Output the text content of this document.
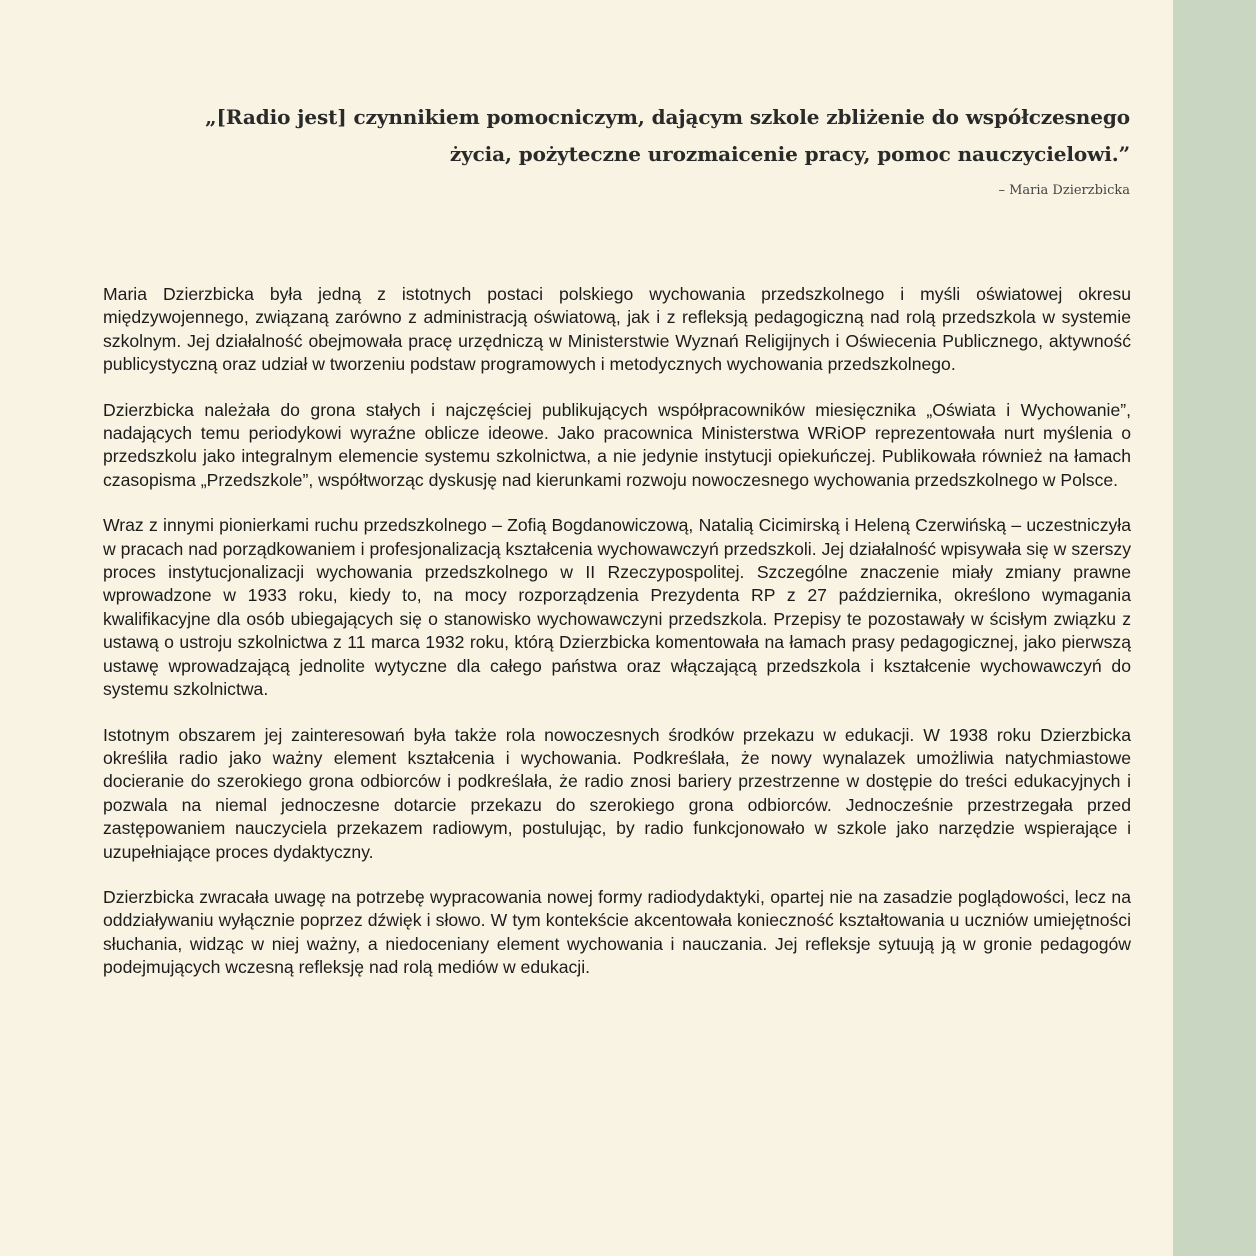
„[Radio jest] czynnikiem pomocniczym, dającym szkole zbliżenie do współczesnego życia, pożyteczne urozmaicenie pracy, pomoc nauczycielowi.”

– Maria Dzierzbicka

Maria Dzierzbicka była jedną z istotnych postaci polskiego wychowania przedszkolnego i myśli oświatowej okresu międzywojennego, związaną zarówno z administracją oświatową, jak i z refleksją pedagogiczną nad rolą przedszkola w systemie szkolnym. Jej działalność obejmowała pracę urzędniczą w Ministerstwie Wyznań Religijnych i Oświecenia Publicznego, aktywność publicystyczną oraz udział w tworzeniu podstaw programowych i metodycznych wychowania przedszkolnego.

Dzierzbicka należała do grona stałych i najczęściej publikujących współpracowników miesięcznika „Oświata i Wychowanie”, nadających temu periodykowi wyraźne oblicze ideowe. Jako pracownica Ministerstwa WRiOP reprezentowała nurt myślenia o przedszkolu jako integralnym elemencie systemu szkolnictwa, a nie jedynie instytucji opiekuńczej. Publikowała również na łamach czasopisma „Przedszkole”, współtworząc dyskusję nad kierunkami rozwoju nowoczesnego wychowania przedszkolnego w Polsce.

Wraz z innymi pionierkami ruchu przedszkolnego – Zofią Bogdanowiczową, Natalią Cicimirską i Heleną Czerwińską – uczestniczyła w pracach nad porządkowaniem i profesjonalizacją kształcenia wychowawczyń przedszkoli. Jej działalność wpisywała się w szerszy proces instytucjonalizacji wychowania przedszkolnego w II Rzeczypospolitej. Szczególne znaczenie miały zmiany prawne wprowadzone w 1933 roku, kiedy to, na mocy rozporządzenia Prezydenta RP z 27 października, określono wymagania kwalifikacyjne dla osób ubiegających się o stanowisko wychowawczyni przedszkola. Przepisy te pozostawały w ścisłym związku z ustawą o ustroju szkolnictwa z 11 marca 1932 roku, którą Dzierzbicka komentowała na łamach prasy pedagogicznej, jako pierwszą ustawę wprowadzającą jednolite wytyczne dla całego państwa oraz włączającą przedszkola i kształcenie wychowawczyń do systemu szkolnictwa.

Istotnym obszarem jej zainteresowań była także rola nowoczesnych środków przekazu w edukacji. W 1938 roku Dzierzbicka określiła radio jako ważny element kształcenia i wychowania. Podkreślała, że nowy wynalazek umożliwia natychmiastowe docieranie do szerokiego grona odbiorców i podkreślała, że radio znosi bariery przestrzenne w dostępie do treści edukacyjnych i pozwala na niemal jednoczesne dotarcie przekazu do szerokiego grona odbiorców. Jednocześnie przestrzegała przed zastępowaniem nauczyciela przekazem radiowym, postulując, by radio funkcjonowało w szkole jako narzędzie wspierające i uzupełniające proces dydaktyczny.

Dzierzbicka zwracała uwagę na potrzebę wypracowania nowej formy radiodydaktyki, opartej nie na zasadzie poglądowości, lecz na oddziaływaniu wyłącznie poprzez dźwięk i słowo. W tym kontekście akcentowała konieczność kształtowania u uczniów umiejętności słuchania, widząc w niej ważny, a niedoceniany element wychowania i nauczania. Jej refleksje sytuują ją w gronie pedagogów podejmujących wczesną refleksję nad rolą mediów w edukacji.
